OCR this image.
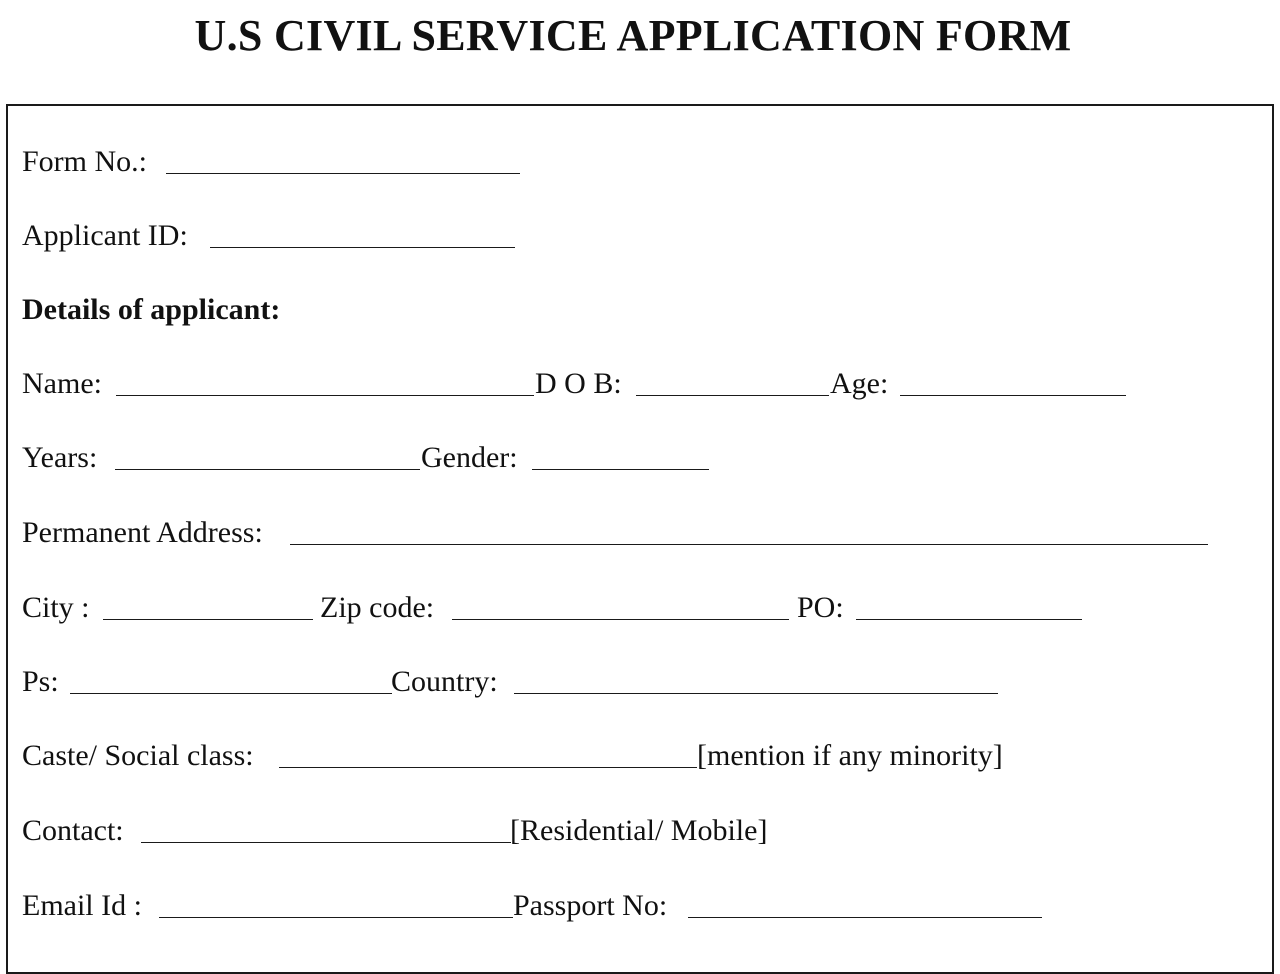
U.S CIVIL SERVICE APPLICATION FORM
Form No.:
Applicant ID:
Details of applicant:
Name:	D O B:	Age:
Years:	Gender:
Permanent Address:
City :	Zip code:	PO:
Ps:	Country:
Caste/ Social class:	[mention if any minority]
Contact:	[Residential/ Mobile]
Email Id :	Passport No:
